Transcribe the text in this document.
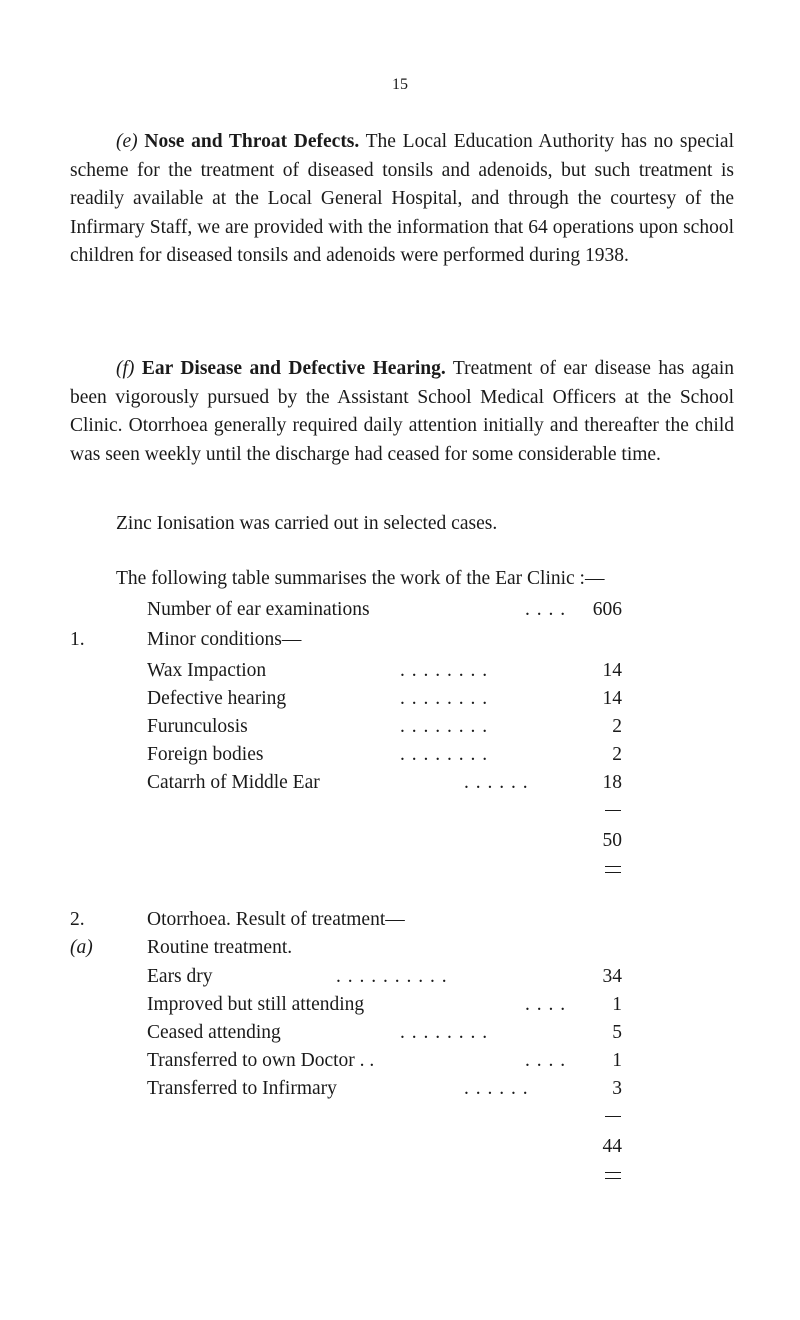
15

(e) Nose and Throat Defects. The Local Education Authority has no special scheme for the treatment of diseased tonsils and adenoids, but such treatment is readily available at the Local General Hospital, and through the courtesy of the Infirmary Staff, we are provided with the information that 64 operations upon school children for diseased tonsils and adenoids were performed during 1938.

(f) Ear Disease and Defective Hearing. Treatment of ear disease has again been vigorously pursued by the Assistant School Medical Officers at the School Clinic. Otorrhoea generally required daily attention initially and thereafter the child was seen weekly until the discharge had ceased for some considerable time.

Zinc Ionisation was carried out in selected cases.

The following table summarises the work of the Ear Clinic :—

Number of ear examinations	. . . . 606
1.	Minor conditions—
Wax Impaction	. . . . . . . .	14
Defective hearing	. . . . . . . .	14
Furunculosis	. . . . . . . .	2
Foreign bodies	. . . . . . . .	2
Catarrh of Middle Ear	. . . . . .	18
50
2.	Otorrhoea. Result of treatment—
(a)	Routine treatment.
Ears dry	. . . . . . . . . .	34
Improved but still attending	. . . . 1
Ceased attending	. . . . . . . .	5
Transferred to own Doctor . .	. . . . 1
Transferred to Infirmary	. . . . . .	3
44
